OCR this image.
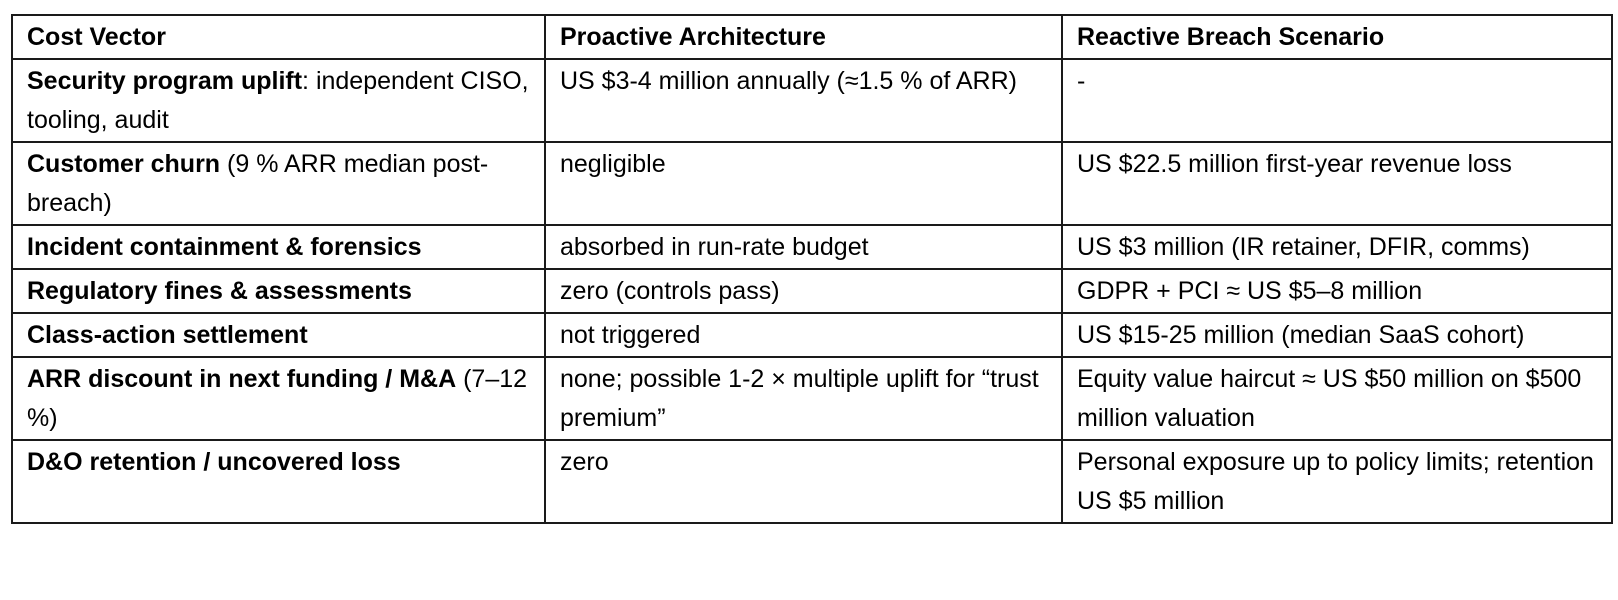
Cost Vector	Proactive Architecture	Reactive Breach Scenario
Security program uplift: independent CISO, tooling, audit	US $3-4 million annually (≈1.5 % of ARR)	-
Customer churn (9 % ARR median post-breach)	negligible	US $22.5 million first-year revenue loss
Incident containment & forensics	absorbed in run-rate budget	US $3 million (IR retainer, DFIR, comms)
Regulatory fines & assessments	zero (controls pass)	GDPR + PCI ≈ US $5–8 million
Class-action settlement	not triggered	US $15-25 million (median SaaS cohort)
ARR discount in next funding / M&A (7–12 %)	none; possible 1-2 × multiple uplift for “trust premium”	Equity value haircut ≈ US $50 million on $500 million valuation
D&O retention / uncovered loss	zero	Personal exposure up to policy limits; retention US $5 million
